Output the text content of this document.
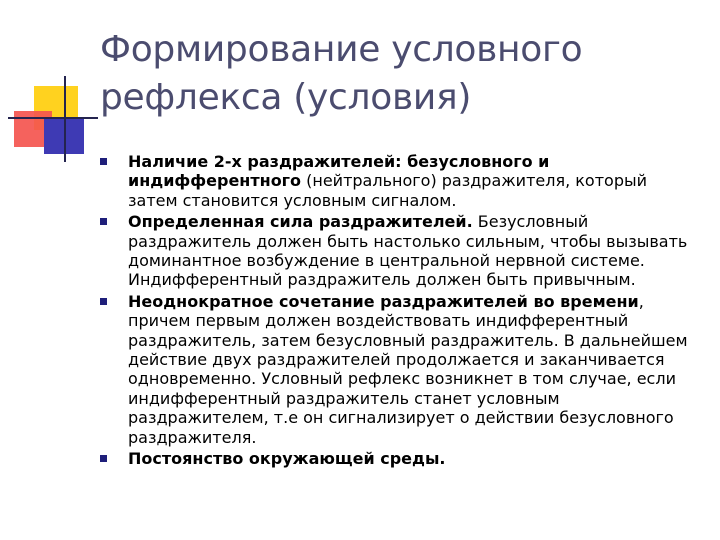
Формирование условного
рефлекса (условия)
Наличие 2-х раздражителей: безусловного и индифферентного (нейтрального) раздражителя, который затем становится условным сигналом.
Определенная сила раздражителей. Безусловный раздражитель должен быть настолько сильным, чтобы вызывать доминантное возбуждение в центральной нервной системе. Индифферентный раздражитель должен быть привычным.
Неоднократное сочетание раздражителей во времени, причем первым должен воздействовать индифферентный раздражитель, затем безусловный раздражитель. В дальнейшем действие двух раздражителей продолжается и заканчивается одновременно. Условный рефлекс возникнет в том случае, если индифферентный раздражитель станет условным раздражителем, т.е он сигнализирует о действии безусловного раздражителя.
Постоянство окружающей среды.
